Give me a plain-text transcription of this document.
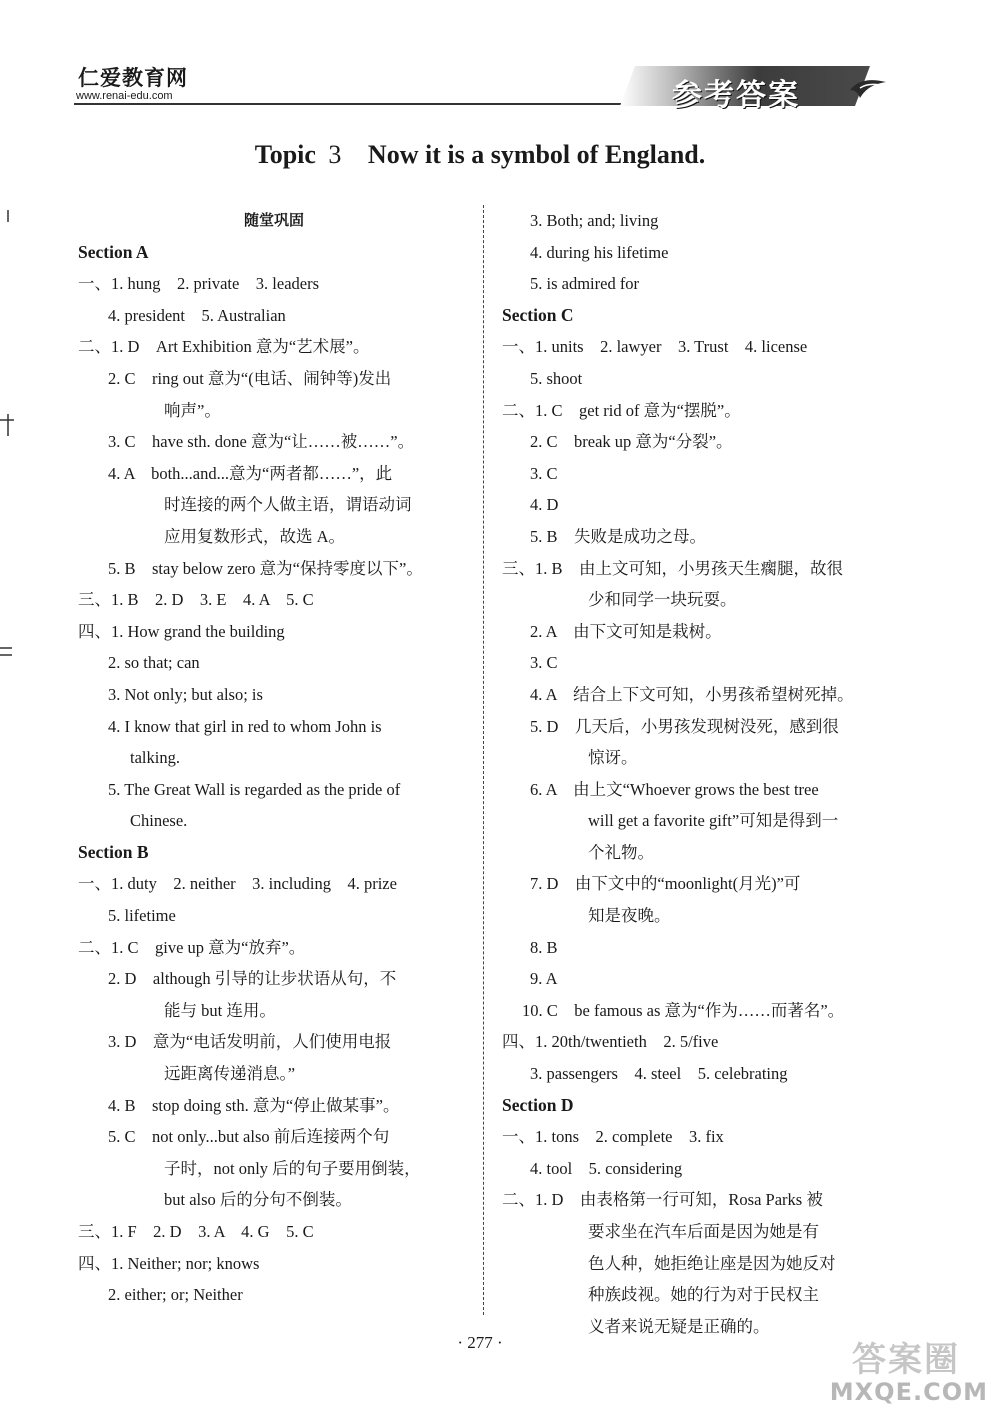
仁爱教育网
www.renai-edu.com	参考答案
Topic 3 Now it is a symbol of England.
随堂巩固
Section A
一、1. hung　2. private　3. leaders
4. president　5. Australian
二、1. D　Art Exhibition 意为“艺术展”。
2. C　ring out 意为“(电话、闹钟等)发出
响声”。
3. C　have sth. done 意为“让……被……”。
4. A　both...and...意为“两者都……”，此
时连接的两个人做主语，谓语动词
应用复数形式，故选 A。
5. B　stay below zero 意为“保持零度以下”。
三、1. B　2. D　3. E　4. A　5. C
四、1. How grand the building
2. so that; can
3. Not only; but also; is
4. I know that girl in red to whom John is
talking.
5. The Great Wall is regarded as the pride of
Chinese.
Section B
一、1. duty　2. neither　3. including　4. prize
5. lifetime
二、1. C　give up 意为“放弃”。
2. D　although 引导的让步状语从句，不
能与 but 连用。
3. D　意为“电话发明前，人们使用电报
远距离传递消息。”
4. B　stop doing sth. 意为“停止做某事”。
5. C　not only...but also 前后连接两个句
子时，not only 后的句子要用倒装，
but also 后的分句不倒装。
三、1. F　2. D　3. A　4. G　5. C
四、1. Neither; nor; knows
2. either; or; Neither
3. Both; and; living
4. during his lifetime
5. is admired for
Section C
一、1. units　2. lawyer　3. Trust　4. license
5. shoot
二、1. C　get rid of 意为“摆脱”。
2. C　break up 意为“分裂”。
3. C
4. D
5. B　失败是成功之母。
三、1. B　由上文可知，小男孩天生瘸腿，故很
少和同学一块玩耍。
2. A　由下文可知是栽树。
3. C
4. A　结合上下文可知，小男孩希望树死掉。
5. D　几天后，小男孩发现树没死，感到很
惊讶。
6. A　由上文“Whoever grows the best tree
will get a favorite gift”可知是得到一
个礼物。
7. D　由下文中的“moonlight(月光)”可
知是夜晚。
8. B
9. A
10. C　be famous as 意为“作为……而著名”。
四、1. 20th/twentieth　2. 5/five
3. passengers　4. steel　5. celebrating
Section D
一、1. tons　2. complete　3. fix
4. tool　5. considering
二、1. D　由表格第一行可知，Rosa Parks 被
要求坐在汽车后面是因为她是有
色人种，她拒绝让座是因为她反对
种族歧视。她的行为对于民权主
义者来说无疑是正确的。
· 277 ·	答案圈
MXQE.COM
